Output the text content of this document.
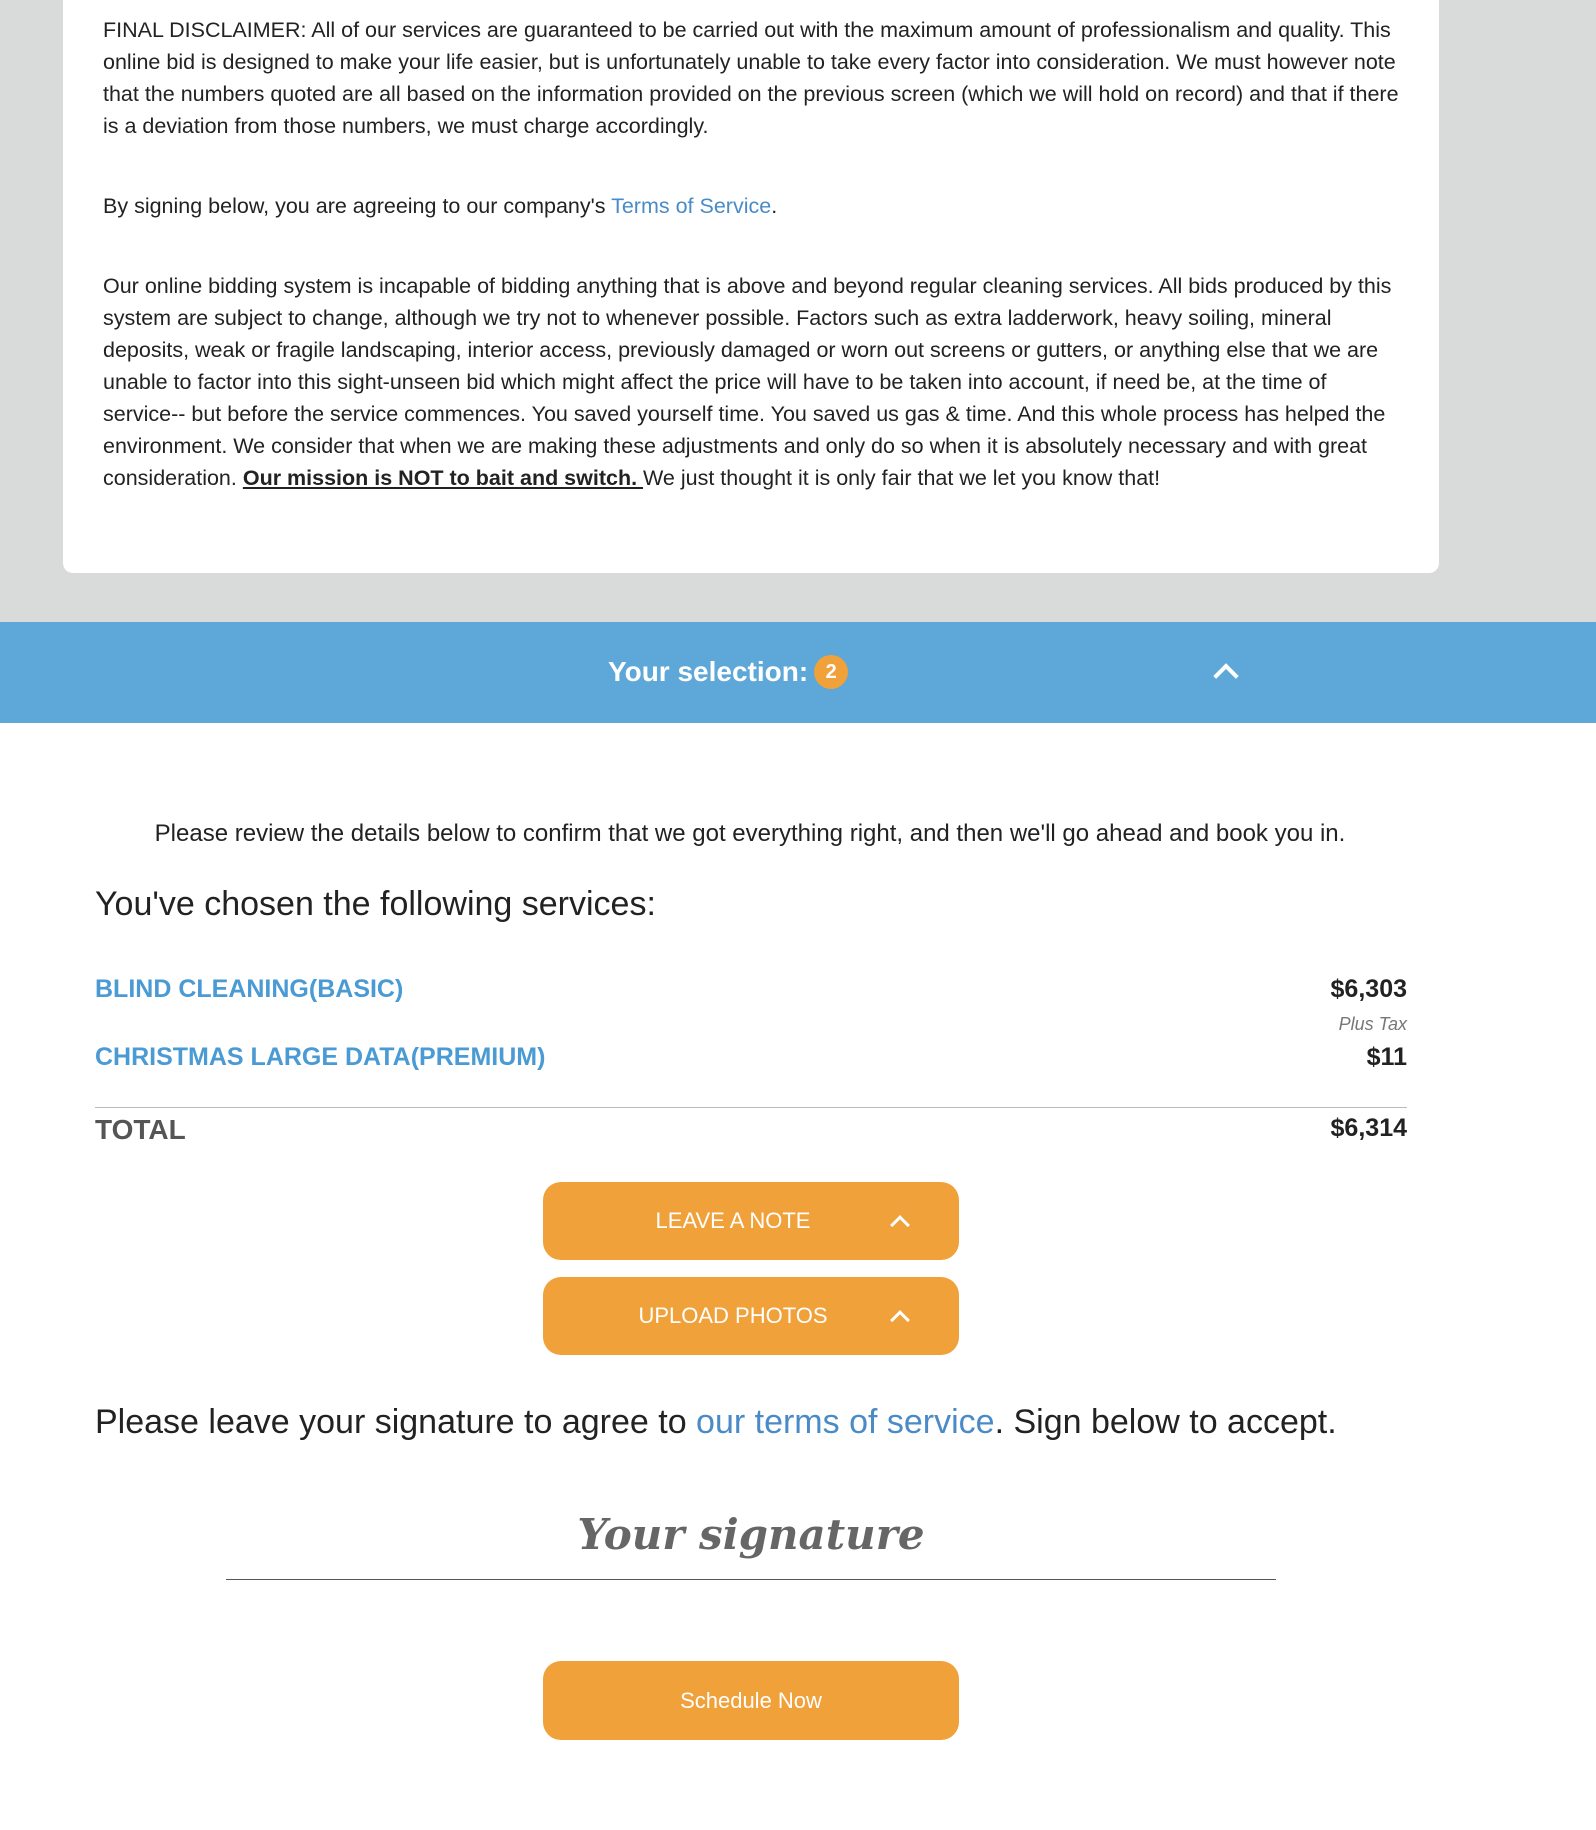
FINAL DISCLAIMER: All of our services are guaranteed to be carried out with the maximum amount of professionalism and quality. This online bid is designed to make your life easier, but is unfortunately unable to take every factor into consideration. We must however note that the numbers quoted are all based on the information provided on the previous screen (which we will hold on record) and that if there is a deviation from those numbers, we must charge accordingly.

By signing below, you are agreeing to our company's Terms of Service.

Our online bidding system is incapable of bidding anything that is above and beyond regular cleaning services. All bids produced by this system are subject to change, although we try not to whenever possible. Factors such as extra ladderwork, heavy soiling, mineral deposits, weak or fragile landscaping, interior access, previously damaged or worn out screens or gutters, or anything else that we are unable to factor into this sight-unseen bid which might affect the price will have to be taken into account, if need be, at the time of service-- but before the service commences. You saved yourself time. You saved us gas & time. And this whole process has helped the environment. We consider that when we are making these adjustments and only do so when it is absolutely necessary and with great consideration. Our mission is NOT to bait and switch. We just thought it is only fair that we let you know that!

Your selection: 2
Please review the details below to confirm that we got everything right, and then we'll go ahead and book you in.
You've chosen the following services:
BLIND CLEANING(BASIC)	$6,303
Plus Tax
CHRISTMAS LARGE DATA(PREMIUM)	$11
TOTAL	$6,314
LEAVE A NOTE
UPLOAD PHOTOS
Please leave your signature to agree to our terms of service. Sign below to accept.
Your signature
Schedule Now
